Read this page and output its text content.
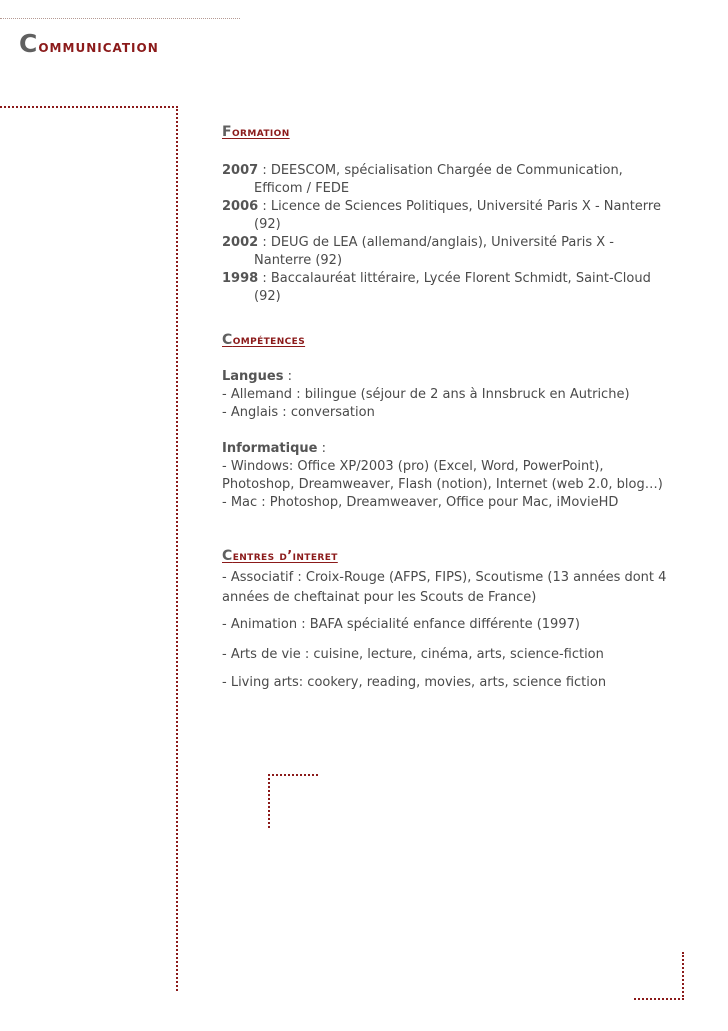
Communication
Formation
2007 : DEESCOM, spécialisation Chargée de Communication, Efficom / FEDE
2006 : Licence de Sciences Politiques, Université Paris X - Nanterre (92)
2002 : DEUG de LEA (allemand/anglais), Université Paris X - Nanterre (92)
1998 : Baccalauréat littéraire, Lycée Florent Schmidt, Saint-Cloud (92)
Compétences
Langues :
- Allemand : bilingue (séjour de 2 ans à Innsbruck en Autriche)
- Anglais : conversation
Informatique :
- Windows: Office XP/2003 (pro) (Excel, Word, PowerPoint), Photoshop, Dreamweaver, Flash (notion), Internet (web 2.0, blog…)
- Mac : Photoshop, Dreamweaver, Office pour Mac, iMovieHD
Centres d’interet
- Associatif : Croix-Rouge (AFPS, FIPS), Scoutisme (13 années dont 4 années de cheftainat pour les Scouts de France)
- Animation : BAFA spécialité enfance différente (1997)
- Arts de vie : cuisine, lecture, cinéma, arts, science-fiction
- Living arts: cookery, reading, movies, arts, science fiction
